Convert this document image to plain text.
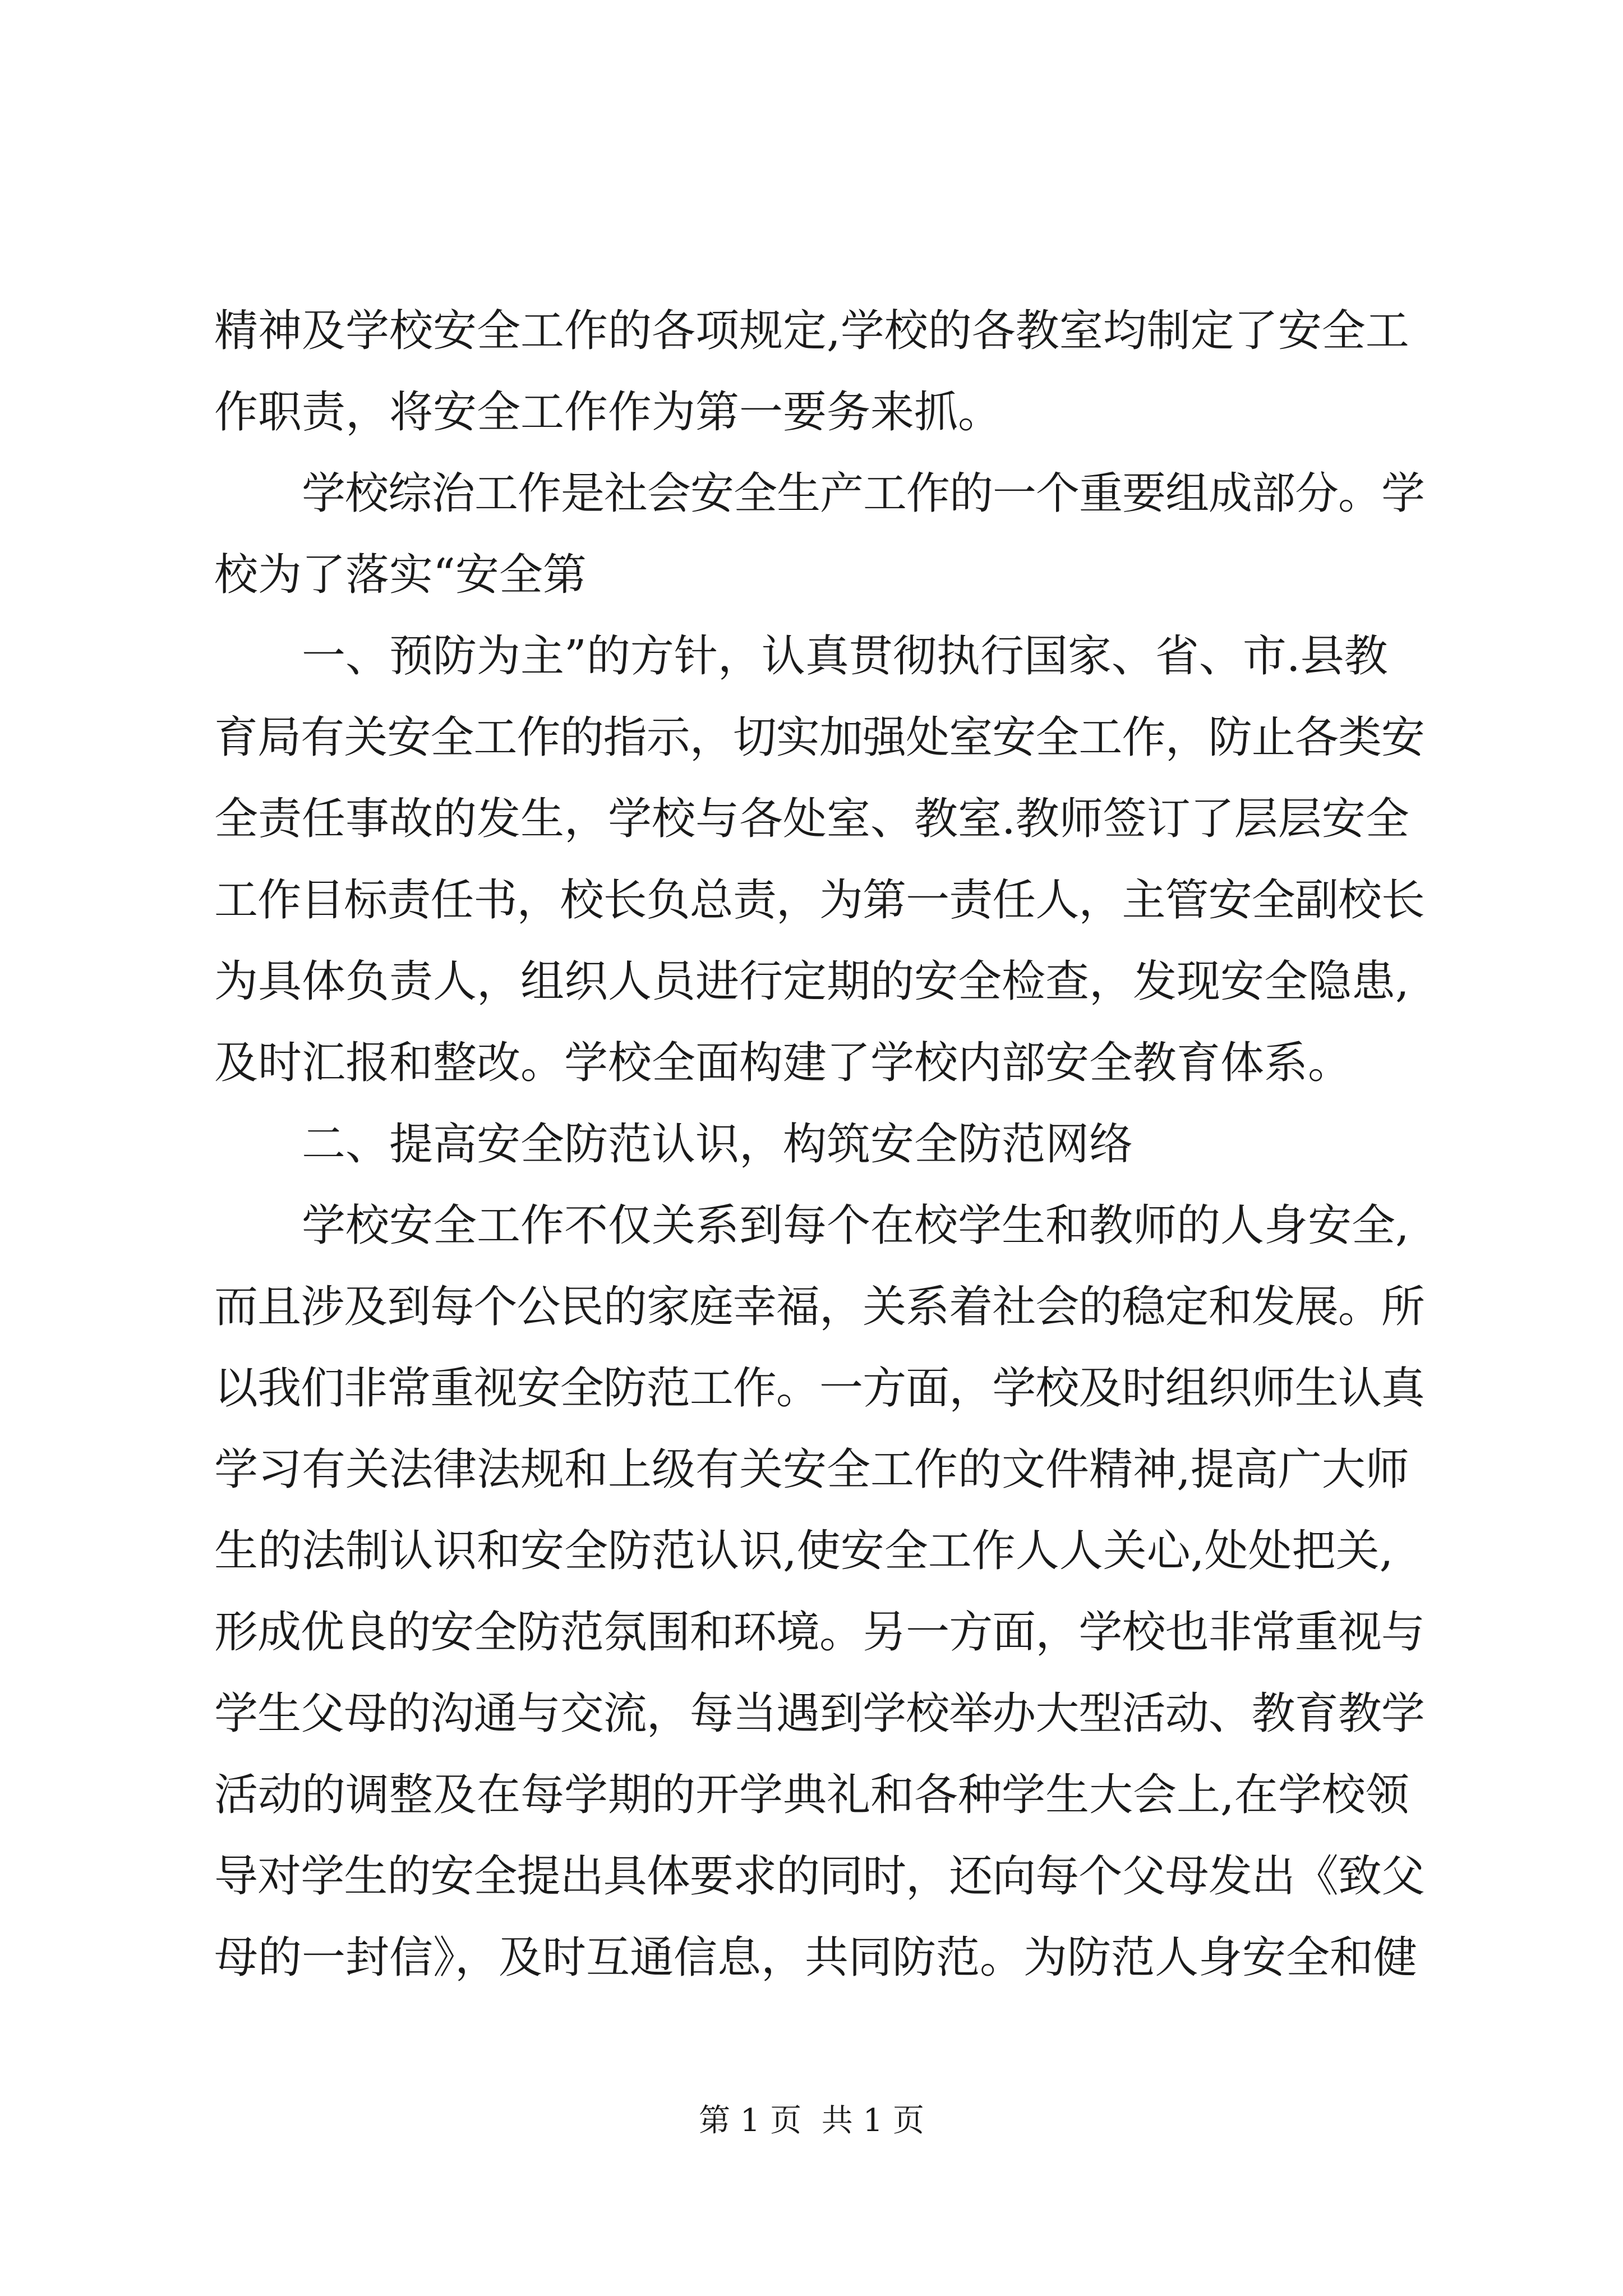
精神及学校安全工作的各项规定,学校的各教室均制定了安全工
作职责，将安全工作作为第一要务来抓。
学校综治工作是社会安全生产工作的一个重要组成部分。学
校为了落实“安全第
一、预防为主”的方针，认真贯彻执行国家、省、市.县教
育局有关安全工作的指示，切实加强处室安全工作，防止各类安
全责任事故的发生，学校与各处室、教室.教师签订了层层安全
工作目标责任书，校长负总责，为第一责任人，主管安全副校长
为具体负责人，组织人员进行定期的安全检查，发现安全隐患,
及时汇报和整改。学校全面构建了学校内部安全教育体系。
二、提高安全防范认识，构筑安全防范网络
学校安全工作不仅关系到每个在校学生和教师的人身安全,
而且涉及到每个公民的家庭幸福，关系着社会的稳定和发展。所
以我们非常重视安全防范工作。一方面，学校及时组织师生认真
学习有关法律法规和上级有关安全工作的文件精神,提高广大师
生的法制认识和安全防范认识,使安全工作人人关心,处处把关,
形成优良的安全防范氛围和环境。另一方面，学校也非常重视与
学生父母的沟通与交流，每当遇到学校举办大型活动、教育教学
活动的调整及在每学期的开学典礼和各种学生大会上,在学校领
导对学生的安全提出具体要求的同时，还向每个父母发出《致父
母的一封信》，及时互通信息，共同防范。为防范人身安全和健
第 1 页  共 1 页
